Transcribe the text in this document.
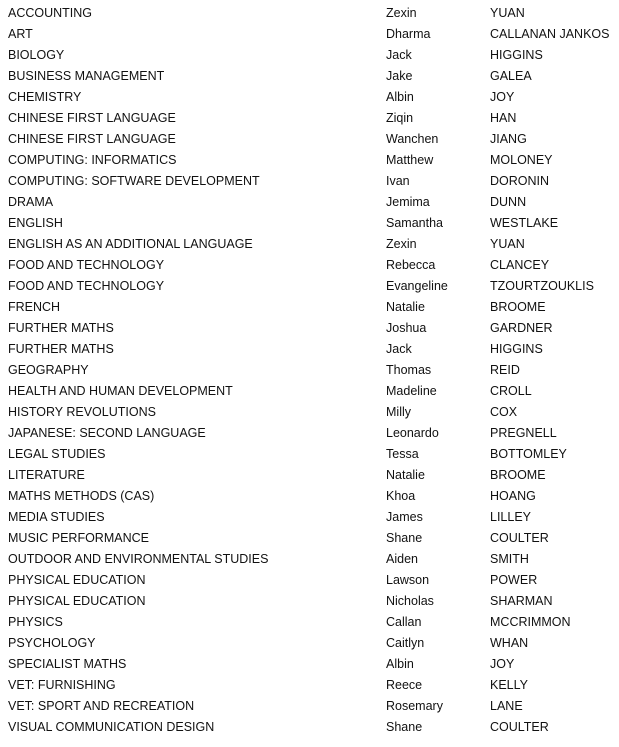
ACCOUNTING	Zexin	YUAN
ART	Dharma	CALLANAN JANKOS
BIOLOGY	Jack	HIGGINS
BUSINESS MANAGEMENT	Jake	GALEA
CHEMISTRY	Albin	JOY
CHINESE FIRST LANGUAGE	Ziqin	HAN
CHINESE FIRST LANGUAGE	Wanchen	JIANG
COMPUTING: INFORMATICS	Matthew	MOLONEY
COMPUTING: SOFTWARE DEVELOPMENT	Ivan	DORONIN
DRAMA	Jemima	DUNN
ENGLISH	Samantha	WESTLAKE
ENGLISH AS AN ADDITIONAL LANGUAGE	Zexin	YUAN
FOOD AND TECHNOLOGY	Rebecca	CLANCEY
FOOD AND TECHNOLOGY	Evangeline	TZOURTZOUKLIS
FRENCH	Natalie	BROOME
FURTHER MATHS	Joshua	GARDNER
FURTHER MATHS	Jack	HIGGINS
GEOGRAPHY	Thomas	REID
HEALTH AND HUMAN DEVELOPMENT	Madeline	CROLL
HISTORY REVOLUTIONS	Milly	COX
JAPANESE: SECOND LANGUAGE	Leonardo	PREGNELL
LEGAL STUDIES	Tessa	BOTTOMLEY
LITERATURE	Natalie	BROOME
MATHS METHODS (CAS)	Khoa	HOANG
MEDIA STUDIES	James	LILLEY
MUSIC PERFORMANCE	Shane	COULTER
OUTDOOR AND ENVIRONMENTAL STUDIES	Aiden	SMITH
PHYSICAL EDUCATION	Lawson	POWER
PHYSICAL EDUCATION	Nicholas	SHARMAN
PHYSICS	Callan	MCCRIMMON
PSYCHOLOGY	Caitlyn	WHAN
SPECIALIST MATHS	Albin	JOY
VET: FURNISHING	Reece	KELLY
VET: SPORT AND RECREATION	Rosemary	LANE
VISUAL COMMUNICATION DESIGN	Shane	COULTER
